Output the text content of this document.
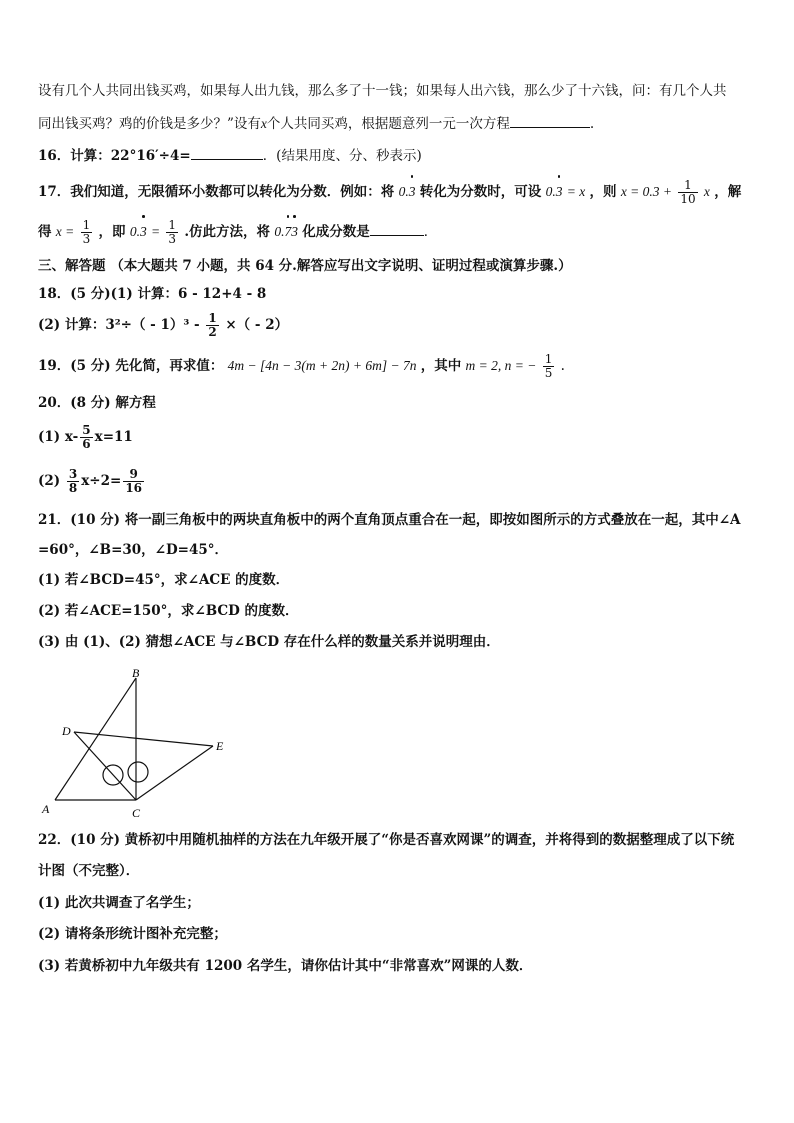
设有几个人共同出钱买鸡，如果每人出九钱，那么多了十一钱；如果每人出六钱，那么少了十六钱，问：有几个人共
同出钱买鸡？鸡的价钱是多少？”设有x个人共同买鸡，根据题意列一元一次方程	.
16．计算：22°16′÷4=	．(结果用度、分、秒表示)
17．我们知道，无限循环小数都可以转化为分数．例如：将 0.3 转化为分数时，可设 0.3 = x ，则 $x = 0.3 + \frac{1}{10}$ x ，解
得 $x = \frac{1}{3}$ ，即 $0.3 = \frac{1}{3}$ .仿此方法，将 0.73 化成分数是	．
三、解答题 （本大题共 7 小题，共 64 分.解答应写出文字说明、证明过程或演算步骤.）
18．(5 分)(1) 计算：6 - 12+4 - 8
(2) 计算：$3^2\div( - 1)^3 - \frac{1}{2}$ ×（ - 2）
19．(5 分) 先化简，再求值： 4m − [4n − 3(m + 2n) + 6m] − 7n ，其中 m = 2, n = − $\frac{1}{5}$ .
20．(8 分) 解方程
(1) $x- \frac{5}{6} x=11$
$(2) \frac{3}{8} x\div 2= \frac{9}{16}$
21．(10 分) 将一副三角板中的两块直角板中的两个直角顶点重合在一起，即按如图所示的方式叠放在一起，其中∠A
=60°，∠B=30，∠D=45°．
(1) 若∠BCD=45°，求∠ACE 的度数．
(2) 若∠ACE=150°，求∠BCD 的度数．
(3) 由 (1)、(2) 猜想∠ACE 与∠BCD 存在什么样的数量关系并说明理由．
B
D
E
A	C
22．(10 分) 黄桥初中用随机抽样的方法在九年级开展了“你是否喜欢网课”的调查，并将得到的数据整理成了以下统
计图（不完整）．
(1) 此次共调查了名学生；
(2) 请将条形统计图补充完整；
(3) 若黄桥初中九年级共有 1200 名学生，请你估计其中“非常喜欢”网课的人数．
